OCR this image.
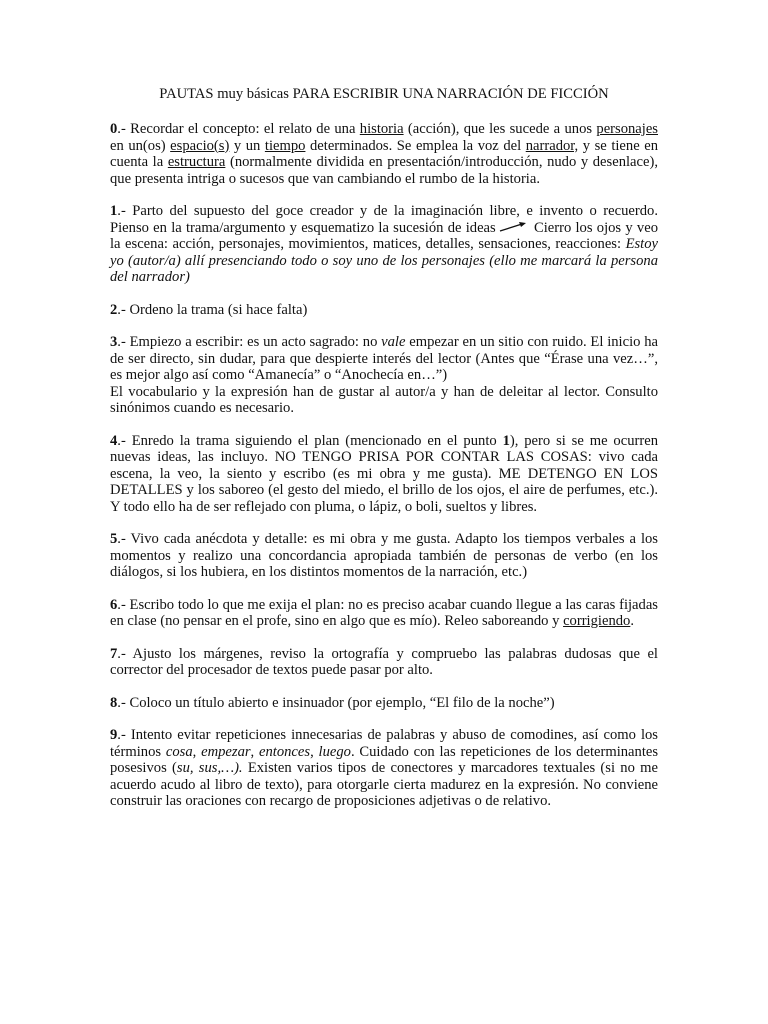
PAUTAS muy básicas PARA ESCRIBIR UNA NARRACIÓN DE FICCIÓN

0.- Recordar el concepto: el relato de una historia (acción), que les sucede a unos personajes en un(os) espacio(s) y un tiempo determinados. Se emplea la voz del narrador, y se tiene en cuenta la estructura (normalmente dividida en presentación/introducción, nudo y desenlace), que presenta intriga o sucesos que van cambiando el rumbo de la historia.

1.- Parto del supuesto del goce creador y de la imaginación libre, e invento o recuerdo. Pienso en la trama/argumento y esquematizo la sucesión de ideas Cierro los ojos y veo la escena: acción, personajes, movimientos, matices, detalles, sensaciones, reacciones: Estoy yo (autor/a) allí presenciando todo o soy uno de los personajes (ello me marcará la persona del narrador)

2.- Ordeno la trama (si hace falta)

3.- Empiezo a escribir: es un acto sagrado: no vale empezar en un sitio con ruido. El inicio ha de ser directo, sin dudar, para que despierte interés del lector (Antes que “Érase una vez…”, es mejor algo así como “Amanecía” o “Anochecía en…”)
El vocabulario y la expresión han de gustar al autor/a y han de deleitar al lector. Consulto sinónimos cuando es necesario.

4.- Enredo la trama siguiendo el plan (mencionado en el punto 1), pero si se me ocurren nuevas ideas, las incluyo. NO TENGO PRISA POR CONTAR LAS COSAS: vivo cada escena, la veo, la siento y escribo (es mi obra y me gusta). ME DETENGO EN LOS DETALLES y los saboreo (el gesto del miedo, el brillo de los ojos, el aire de perfumes, etc.). Y todo ello ha de ser reflejado con pluma, o lápiz, o boli, sueltos y libres.

5.- Vivo cada anécdota y detalle: es mi obra y me gusta. Adapto los tiempos verbales a los momentos y realizo una concordancia apropiada también de personas de verbo (en los diálogos, si los hubiera, en los distintos momentos de la narración, etc.)

6.- Escribo todo lo que me exija el plan: no es preciso acabar cuando llegue a las caras fijadas en clase (no pensar en el profe, sino en algo que es mío). Releo saboreando y corrigiendo.

7.- Ajusto los márgenes, reviso la ortografía y compruebo las palabras dudosas que el corrector del procesador de textos puede pasar por alto.

8.- Coloco un título abierto e insinuador (por ejemplo, “El filo de la noche”)

9.- Intento evitar repeticiones innecesarias de palabras y abuso de comodines, así como los términos cosa, empezar, entonces, luego. Cuidado con las repeticiones de los determinantes posesivos (su, sus,…). Existen varios tipos de conectores y marcadores textuales (si no me acuerdo acudo al libro de texto), para otorgarle cierta madurez en la expresión. No conviene construir las oraciones con recargo de proposiciones adjetivas o de relativo.
